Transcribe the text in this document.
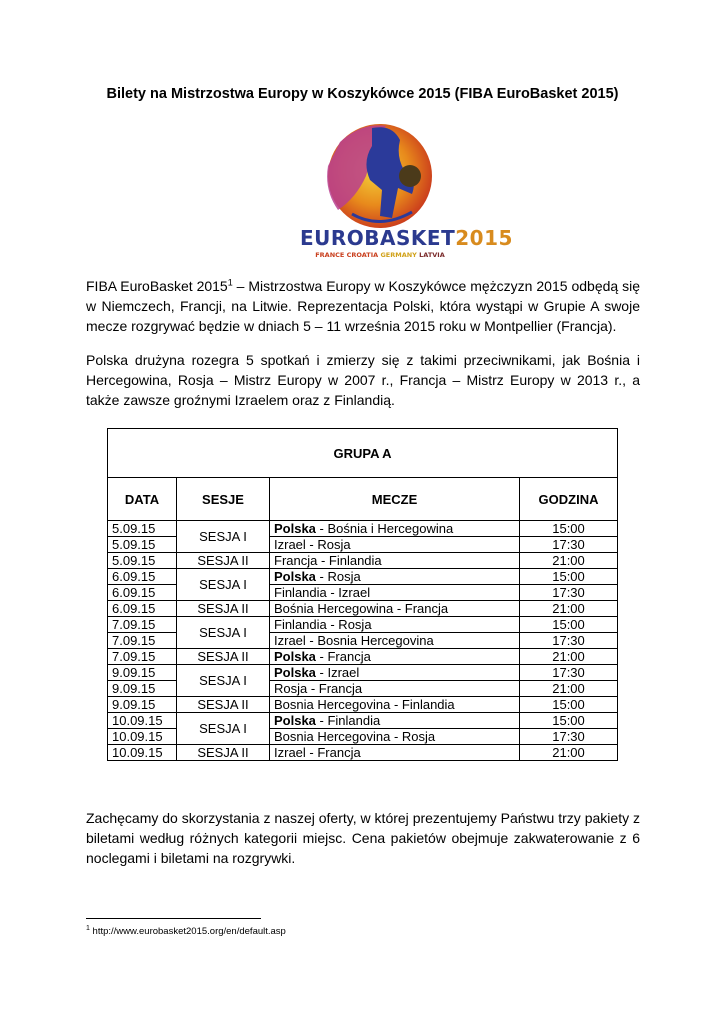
Bilety na Mistrzostwa Europy w Koszykówce 2015 (FIBA EuroBasket 2015)
EUROBASKET2015
FRANCE CROATIA GERMANY LATVIA

FIBA EuroBasket 2015$^1$ – Mistrzostwa Europy w Koszykówce mężczyzn 2015 odbędą się w Niemczech, Francji, na Litwie. Reprezentacja Polski, która wystąpi w Grupie A swoje mecze rozgrywać będzie w dniach 5 – 11 września 2015 roku w Montpellier (Francja).

Polska drużyna rozegra 5 spotkań i zmierzy się z takimi przeciwnikami, jak Bośnia i Hercegowina, Rosja – Mistrz Europy w 2007 r., Francja – Mistrz Europy w 2013 r., a także zawsze groźnymi Izraelem oraz z Finlandią.

GRUPA A			
DATA	SESJE	MECZE	GODZINA
5.09.15	SESJA I	Polska - Bośnia i Hercegowina	15:00
5.09.15		Izrael - Rosja	17:30
5.09.15	SESJA II	Francja - Finlandia	21:00
6.09.15	SESJA I	Polska - Rosja	15:00
6.09.15		Finlandia - Izrael	17:30
6.09.15	SESJA II	Bośnia Hercegowina - Francja	21:00
7.09.15	SESJA I	Finlandia - Rosja	15:00
7.09.15		Izrael - Bosnia Hercegovina	17:30
7.09.15	SESJA II	Polska - Francja	21:00
9.09.15	SESJA I	Polska - Izrael	17:30
9.09.15		Rosja - Francja	21:00
9.09.15	SESJA II	Bosnia Hercegovina - Finlandia	15:00
10.09.15	SESJA I	Polska - Finlandia	15:00
10.09.15		Bosnia Hercegovina - Rosja	17:30
10.09.15	SESJA II	Izrael - Francja	21:00

Zachęcamy do skorzystania z naszej oferty, w której prezentujemy Państwu trzy pakiety z biletami według różnych kategorii miejsc. Cena pakietów obejmuje zakwaterowanie z 6 noclegami i biletami na rozgrywki.

$^1$ http://www.eurobasket2015.org/en/default.asp
